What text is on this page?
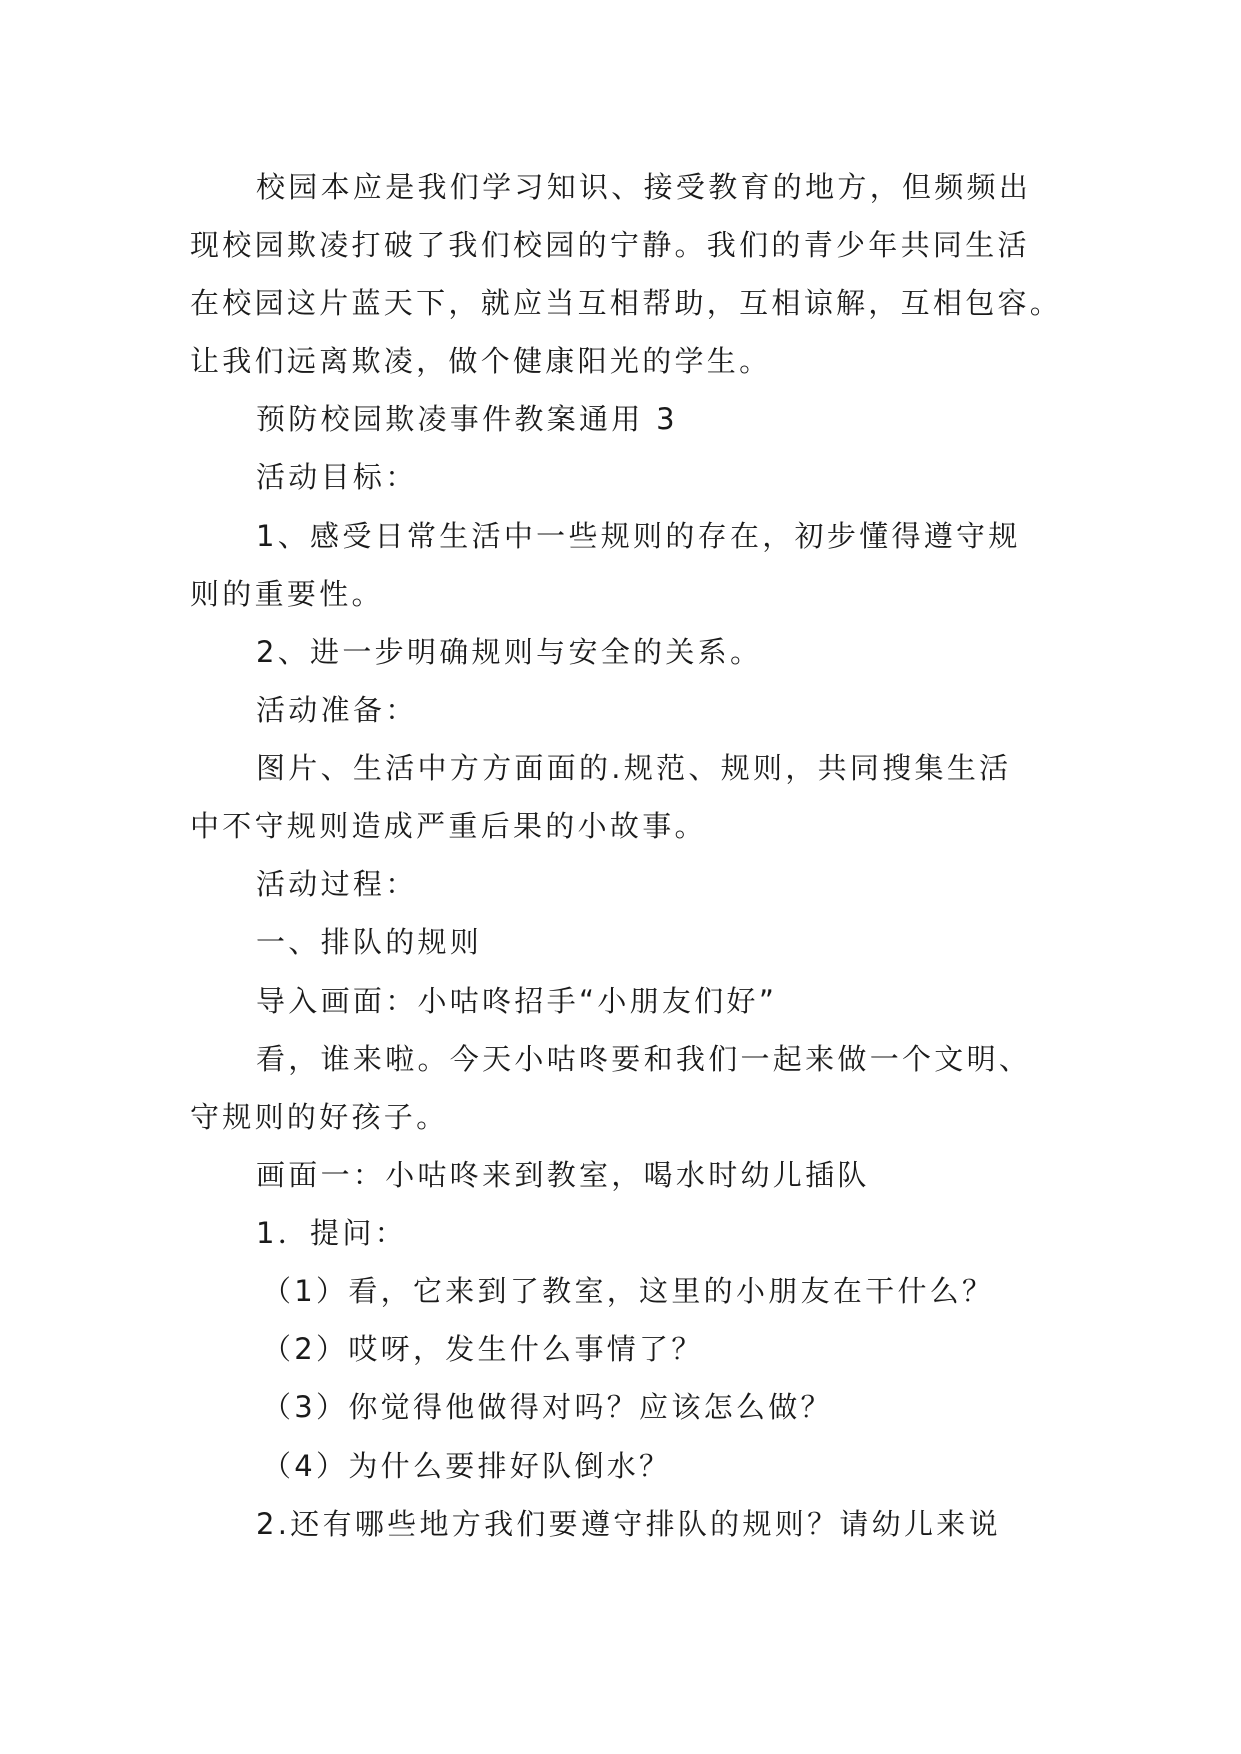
校园本应是我们学习知识、接受教育的地方，但频频出
现校园欺凌打破了我们校园的宁静。我们的青少年共同生活
在校园这片蓝天下，就应当互相帮助，互相谅解，互相包容。
让我们远离欺凌，做个健康阳光的学生。
预防校园欺凌事件教案通用 3
活动目标：
1、感受日常生活中一些规则的存在，初步懂得遵守规
则的重要性。
2、进一步明确规则与安全的关系。
活动准备：
图片、生活中方方面面的.规范、规则，共同搜集生活
中不守规则造成严重后果的小故事。
活动过程：
一、排队的规则
导入画面：小咕咚招手“小朋友们好”
看，谁来啦。今天小咕咚要和我们一起来做一个文明、
守规则的好孩子。
画面一：小咕咚来到教室，喝水时幼儿插队
1．提问：
（1）看，它来到了教室，这里的小朋友在干什么？
（2）哎呀，发生什么事情了？
（3）你觉得他做得对吗？应该怎么做？
（4）为什么要排好队倒水？
2.还有哪些地方我们要遵守排队的规则？请幼儿来说
